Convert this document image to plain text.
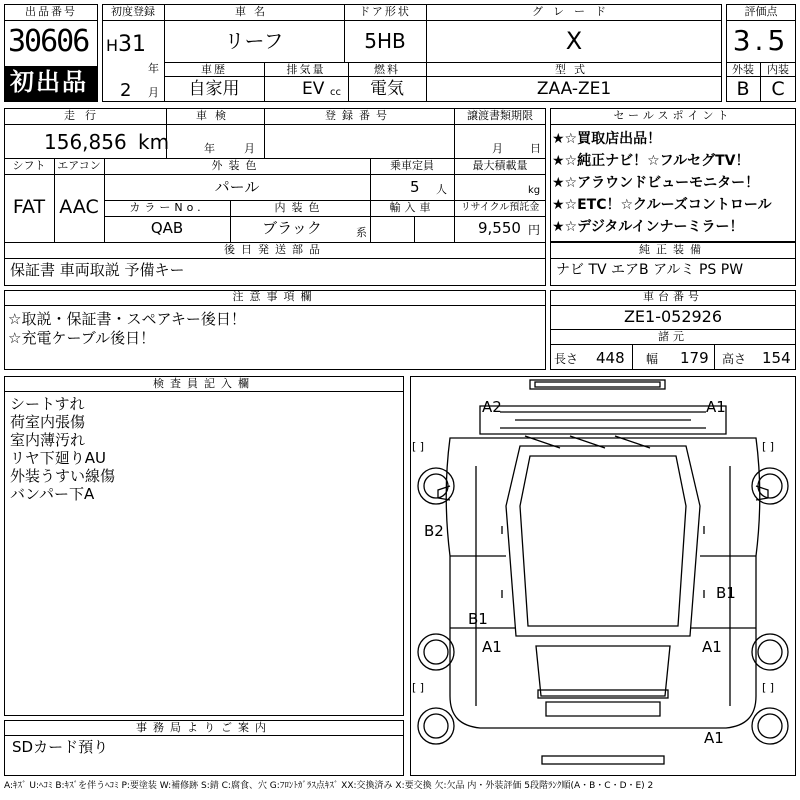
出品番号
30606
初出品
初度登録	車名	ドア形状	グレード
H 31
年
2 月
リーフ	5HB	X
車歴	排気量	燃料	型式
自家用	EV cc	電気	ZAA-ZE1
評価点
3.5
外装	内装
B	C
走行	車検	登録番号	譲渡書類期限
156,856 km	年	月	月 日
シフト	エアコン	外装色	乗車定員	最大積載量
FAT AAC
パール	5 人	kg
カラーNo.	内装色	輸入車	リサイクル預託金
QAB	ブラック	系	9,550 円
後日発送部品
保証書 車両取説 予備キー
セールスポイント
★☆買取店出品！
★☆純正ナビ！☆フルセグTV！
★☆アラウンドビューモニター！
★☆ETC！☆クルーズコントロール
★☆デジタルインナーミラー！
純正装備
ナビ TV エアB アルミ PS PW
注意事項欄
☆取説・保証書・スペアキー後日！
☆充電ケーブル後日！
車台番号
ZE1-052926
諸元
長さ 448 幅 179 高さ 154
検査員記入欄
シートすれ
荷室内張傷
室内薄汚れ
リヤ下廻りAU
外装うすい線傷
バンパー下A
事務局よりご案内
SDカード預り
[ ]	[ ]
[ ]	[ ]
A2	A1
B2
B1
B1
A1	A1
A1
A:ｷｽﾞ U:ﾍｺﾐ B:ｷｽﾞを伴うﾍｺﾐ P:要塗装 W:補修跡 S:錆 C:腐食、穴 G:ﾌﾛﾝﾄｶﾞﾗｽ点ｷｽﾞ XX:交換済み X:要交換 欠:欠品 内・外装評価 5段階ﾗﾝｸ順(A・B・C・D・E) 2
